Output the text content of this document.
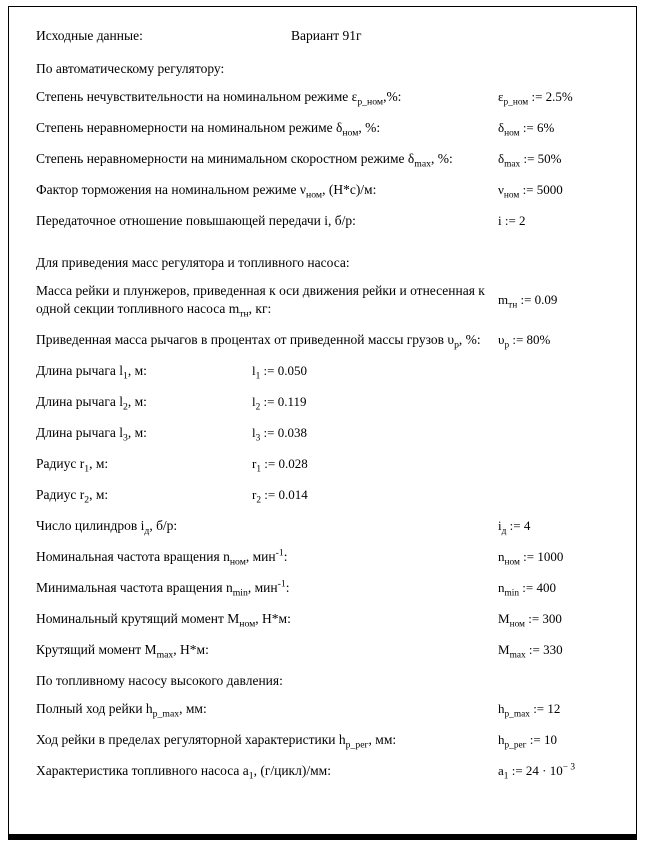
Исходные данные:	Вариант 91г
По автоматическому регулятору:
Степень нечувствительности на номинальном режиме $\varepsilon_{p\_ном},\%$:	$\varepsilon_{p\_ном}$ := 2.5%
Степень неравномерности на номинальном режиме $\delta_{ном}$, %:	$\delta_{ном}$ := 6%
Степень неравномерности на минимальном скоростном режиме $\delta_{max}$, %:	$\delta_{max}$ := 50%
Фактор торможения на номинальном режиме $\nu_{ном}$, (Н*с)/м:	$\nu_{ном}$ := 5000
Передаточное отношение повышающей передачи i, б/р:	i := 2
Для приведения масс регулятора и топливного насоса:
Масса рейки и плунжеров, приведенная к оси движения рейки и отнесенная к одной секции топливного насоса $m_{тн}$, кг:
$m_{тн}$ := 0.09
Приведенная масса рычагов в процентах от приведенной массы грузов $\upsilon_р$, %:	$\upsilon_р$ := 80%
Длина рычага $l_1$, м:	$l_1$ := 0.050
Длина рычага $l_2$, м:	$l_2$ := 0.119
Длина рычага $l_3$, м:	$l_3$ := 0.038
Радиус $r_1$, м:	$r_1$ := 0.028
Радиус $r_2$, м:	$r_2$ := 0.014
Число цилиндров $i_д$, б/р:	$i_д$ := 4
Номинальная частота вращения $n_{ном}$, мин$^{-1}$:	$n_{ном}$ := 1000
Минимальная частота вращения $n_{min}$, мин$^{-1}$:	$n_{min}$ := 400
Номинальный крутящий момент $M_{ном}$, Н*м:	$M_{ном}$ := 300
Крутящий момент $M_{max}$, Н*м:	$M_{max}$ := 330
По топливному насосу высокого давления:
Полный ход рейки $h_{p\_max}$, мм:	$h_{p\_max}$ := 12
Ход рейки в пределах регуляторной характеристики $h_{p\_рег}$, мм:	$h_{p\_рег}$ := 10
Характеристика топливного насоса $a_1$, (г/цикл)/мм:	$a_1$ := $24 \cdot 10^{- 3}$
